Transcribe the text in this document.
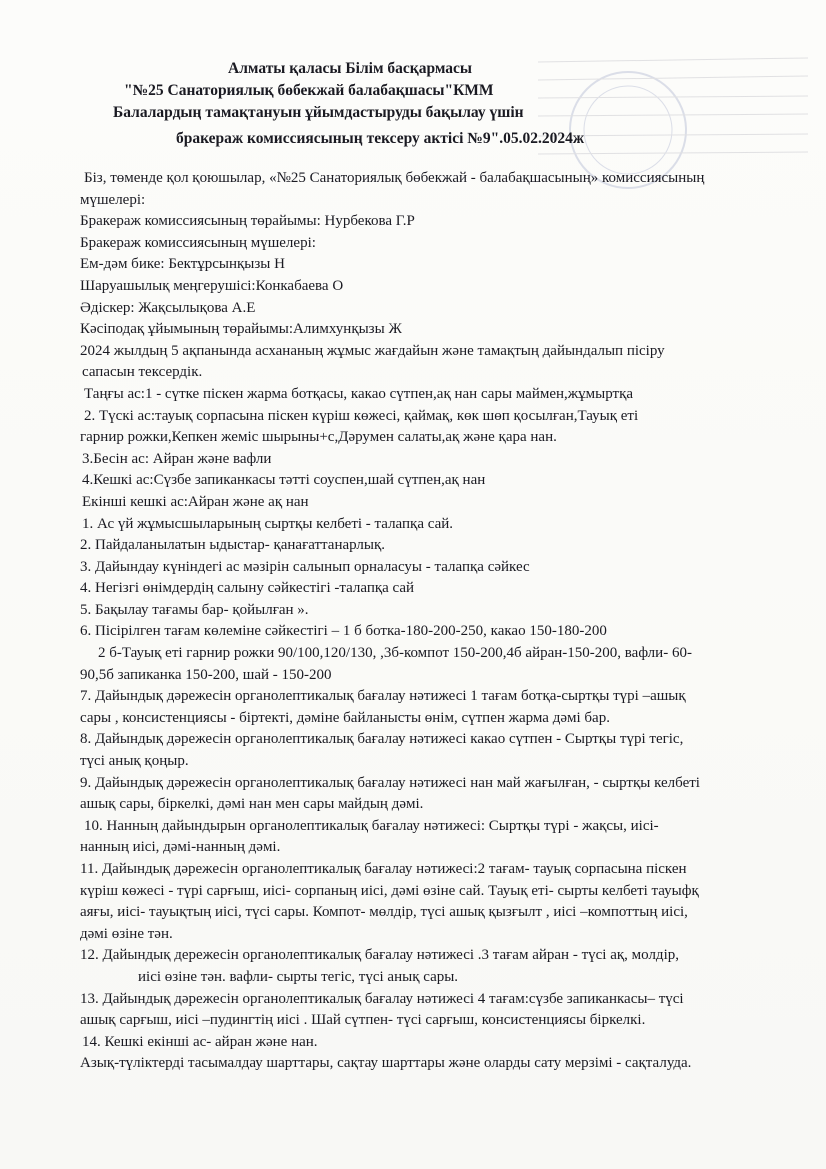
Алматы қаласы Білім басқармасы
"№25 Санаториялық бөбекжай балабақшасы"КММ
Балалардың тамақтануын ұйымдастыруды бақылау үшін
бракераж комиссиясының тексеру актісі №9".05.02.2024ж
Біз, төменде қол қоюшылар, «№25 Санаториялық бөбекжай - балабақшасының» комиссиясының
мүшелері:
Бракераж комиссиясының төрайымы: Нурбекова Г.Р
Бракераж комиссиясының мүшелері:
Ем-дәм бике: Бектұрсынқызы Н
Шаруашылық меңгерушісі:Конкабаева О
Әдіскер: Жақсылықова А.Е
Кәсіподақ ұйымының төрайымы:Алимхунқызы Ж
2024 жылдың 5 ақпанында асхананың жұмыс жағдайын және тамақтың дайындалып пісіру
сапасын тексердік.
Таңғы ас:1 - сүтке піскен жарма ботқасы, какао сүтпен,ақ нан сары маймен,жұмыртқа
2. Түскі ас:тауық сорпасына піскен күріш көжесі, қаймақ, көк шөп қосылған,Тауық еті
гарнир рожки,Кепкен жеміс шырыны+с,Дәрумен салаты,ақ және қара нан.
3.Бесін ас: Айран және вафли
4.Кешкі ас:Сүзбе запиканкасы тәтті соуспен,шай сүтпен,ақ нан
Екінші кешкі ас:Айран және ақ нан
1. Ас үй жұмысшыларының сыртқы келбеті - талапқа сай.
2. Пайдаланылатын ыдыстар- қанағаттанарлық.
3. Дайындау күніндегі ас мәзірін салынып орналасуы - талапқа сәйкес
4. Негізгі өнімдердің салыну сәйкестігі -талапқа сай
5. Бақылау тағамы бар- қойылған ».
6. Пісірілген тағам көлеміне сәйкестігі – 1 б ботка-180-200-250, какао 150-180-200
2 б-Тауық еті гарнир рожки 90/100,120/130, ,3б-компот 150-200,4б айран-150-200, вафли- 60-
90,5б запиканка 150-200, шай - 150-200
7. Дайындық дәрежесін органолептикалық бағалау нәтижесі 1 тағам ботқа-сыртқы түрі –ашық
сары , консистенциясы - біртекті, дәміне байланысты өнім, сүтпен жарма дәмі бар.
8. Дайындық дәрежесін органолептикалық бағалау нәтижесі какао сүтпен - Сыртқы түрі тегіс,
түсі анық қоңыр.
9. Дайындық дәрежесін органолептикалық бағалау нәтижесі нан май жағылған, - сыртқы келбеті
ашық сары, біркелкі, дәмі нан мен сары майдың дәмі.
10. Нанның дайындырын органолептикалық бағалау нәтижесі: Сыртқы түрі - жақсы, иісі-
нанның иісі, дәмі-нанның дәмі.
11. Дайындық дәрежесін органолептикалық бағалау нәтижесі:2 тағам- тауық сорпасына піскен
күріш көжесі - түрі сарғыш, иісі- сорпаның иісі, дәмі өзіне сай. Тауық еті- сырты келбеті тауыфқ
аяғы, иісі- тауықтың иісі, түсі сары. Компот- мөлдір, түсі ашық қызғылт , иісі –компоттың иісі,
дәмі өзіне тән.
12. Дайындық дережесін органолептикалық бағалау нәтижесі .3 тағам айран - түсі ақ, молдір,
иісі өзіне тән. вафли- сырты тегіс, түсі анық сары.
13. Дайындық дәрежесін органолептикалық бағалау нәтижесі 4 тағам:сүзбе запиканкасы– түсі
ашық сарғыш, иісі –пудингтің иісі . Шай сүтпен- түсі сарғыш, консистенциясы біркелкі.
14. Кешкі екінші ас- айран және нан.
Азық-түліктерді тасымалдау шарттары, сақтау шарттары және оларды сату мерзімі - сақталуда.
